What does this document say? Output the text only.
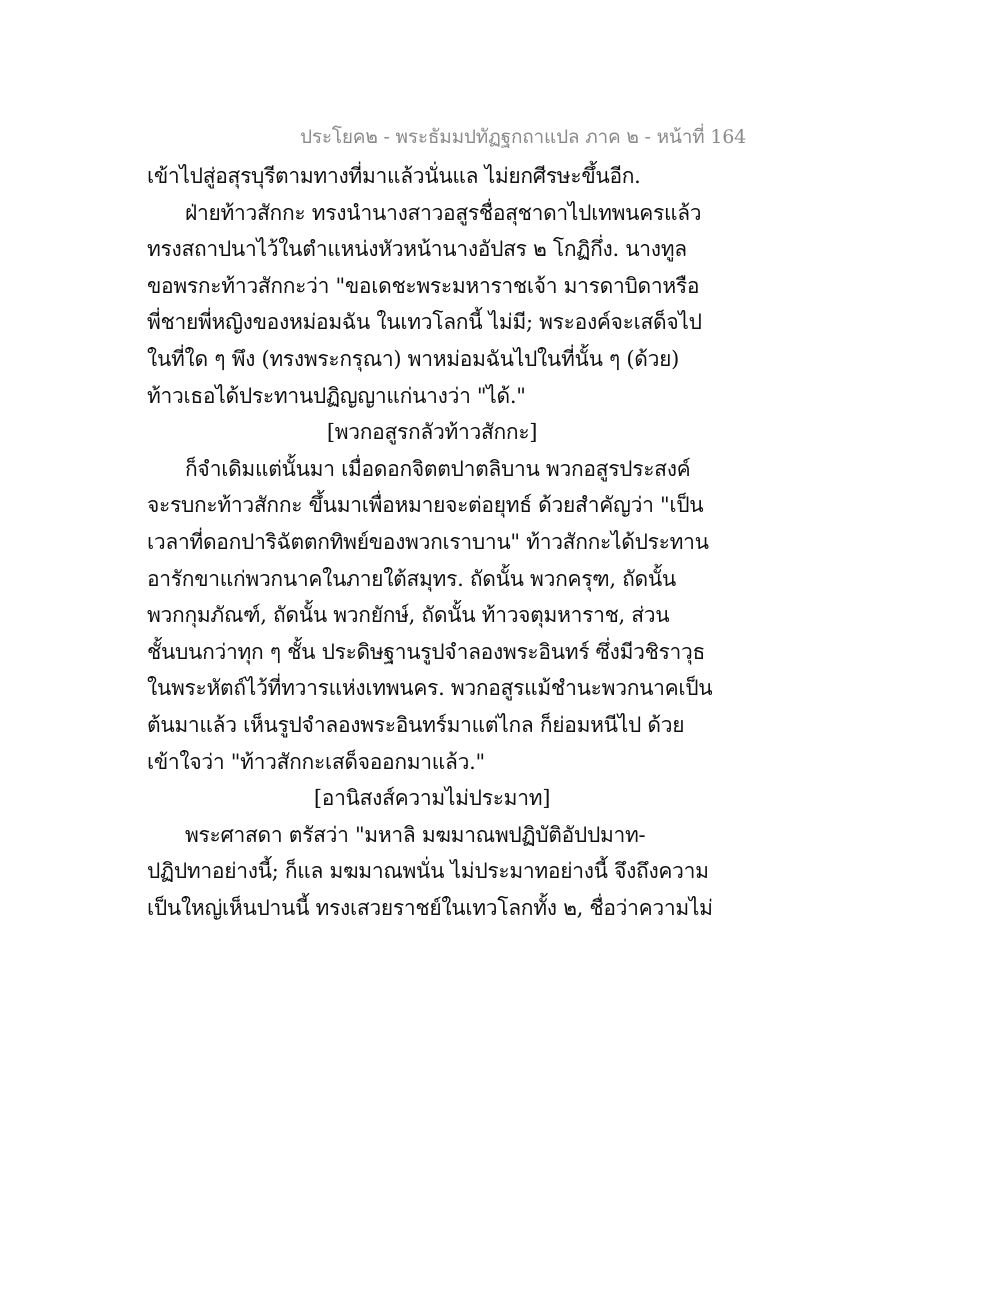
ประโยค๒ - พระธัมมปทัฏฐกถาแปล ภาค ๒ - หน้าที่ 164
เข้าไปสู่อสุรบุรีตามทางที่มาแล้วนั่นแล ไม่ยกศีรษะขึ้นอีก.
ฝ่ายท้าวสักกะ ทรงนำนางสาวอสูรชื่อสุชาดาไปเทพนครแล้ว
ทรงสถาปนาไว้ในตำแหน่งหัวหน้านางอัปสร ๒ โกฏิกึ่ง. นางทูล
ขอพรกะท้าวสักกะว่า "ขอเดชะพระมหาราชเจ้า มารดาบิดาหรือ
พี่ชายพี่หญิงของหม่อมฉัน ในเทวโลกนี้ ไม่มี; พระองค์จะเสด็จไป
ในที่ใด ๆ พึง (ทรงพระกรุณา) พาหม่อมฉันไปในที่นั้น ๆ (ด้วย)
ท้าวเธอได้ประทานปฏิญญาแก่นางว่า "ได้."
[พวกอสูรกลัวท้าวสักกะ]
ก็จำเดิมแต่นั้นมา เมื่อดอกจิตตปาตลิบาน พวกอสูรประสงค์
จะรบกะท้าวสักกะ ขึ้นมาเพื่อหมายจะต่อยุทธ์ ด้วยสำคัญว่า "เป็น
เวลาที่ดอกปาริฉัตตกทิพย์ของพวกเราบาน" ท้าวสักกะได้ประทาน
อารักขาแก่พวกนาคในภายใต้สมุทร. ถัดนั้น พวกครุฑ, ถัดนั้น
พวกกุมภัณฑ์, ถัดนั้น พวกยักษ์, ถัดนั้น ท้าวจตุมหาราช, ส่วน
ชั้นบนกว่าทุก ๆ ชั้น ประดิษฐานรูปจำลองพระอินทร์ ซึ่งมีวชิราวุธ
ในพระหัตถ์ไว้ที่ทวารแห่งเทพนคร. พวกอสูรแม้ชำนะพวกนาคเป็น
ต้นมาแล้ว เห็นรูปจำลองพระอินทร์มาแต่ไกล ก็ย่อมหนีไป ด้วย
เข้าใจว่า "ท้าวสักกะเสด็จออกมาแล้ว."
[อานิสงส์ความไม่ประมาท]
พระศาสดา ตรัสว่า "มหาลิ มฆมาณพปฏิบัติอัปปมาท-
ปฏิปทาอย่างนี้; ก็แล มฆมาณพนั่น ไม่ประมาทอย่างนี้ จึงถึงความ
เป็นใหญ่เห็นปานนี้ ทรงเสวยราชย์ในเทวโลกทั้ง ๒, ชื่อว่าความไม่
